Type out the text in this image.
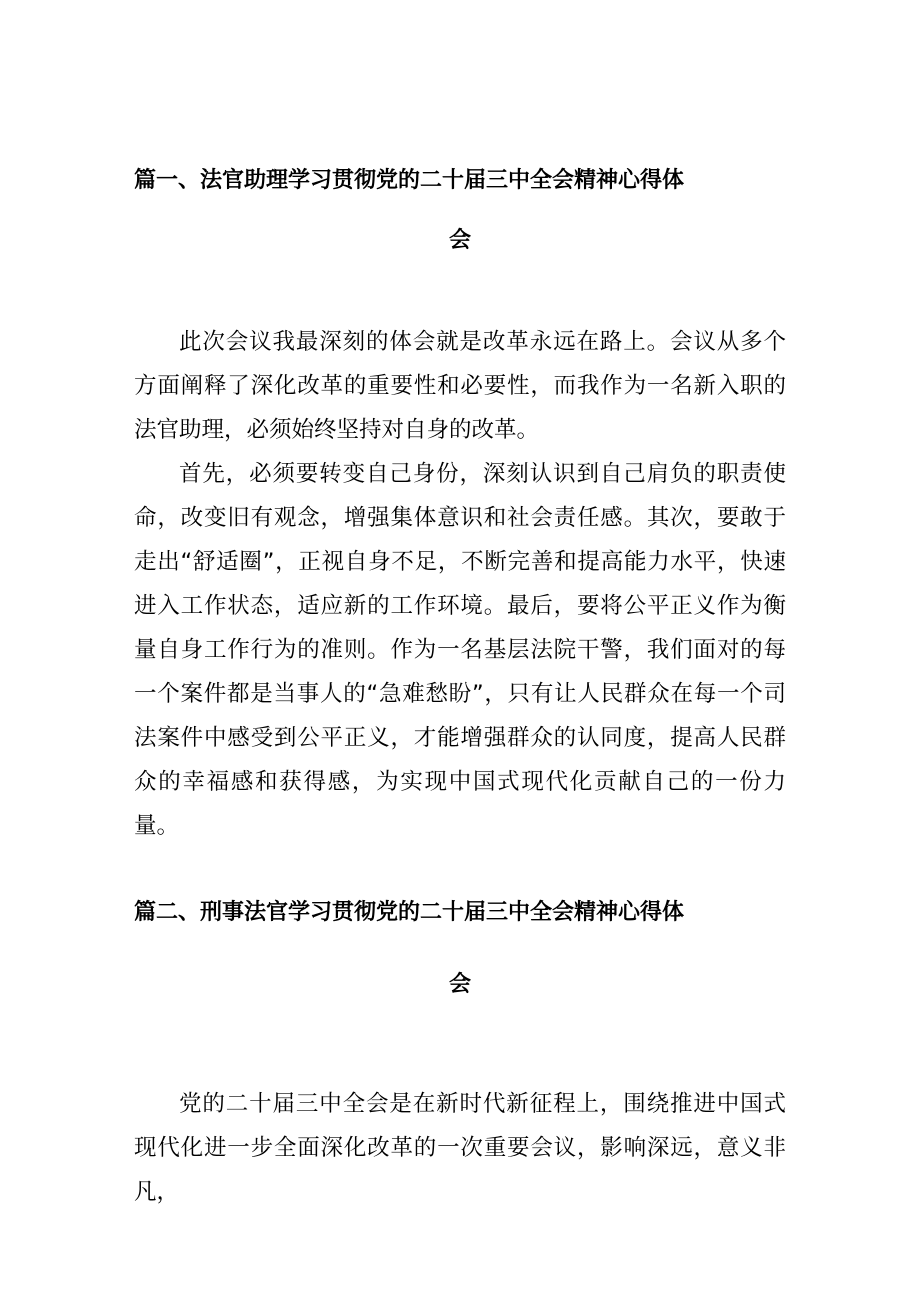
篇一、法官助理学习贯彻党的二十届三中全会精神心得体
会

此次会议我最深刻的体会就是改革永远在路上。会议从多个方面阐释了深化改革的重要性和必要性，而我作为一名新入职的法官助理，必须始终坚持对自身的改革。

首先，必须要转变自己身份，深刻认识到自己肩负的职责使命，改变旧有观念，增强集体意识和社会责任感。其次，要敢于走出“舒适圈”，正视自身不足，不断完善和提高能力水平，快速进入工作状态，适应新的工作环境。最后，要将公平正义作为衡量自身工作行为的准则。作为一名基层法院干警，我们面对的每一个案件都是当事人的“急难愁盼”，只有让人民群众在每一个司法案件中感受到公平正义，才能增强群众的认同度，提高人民群众的幸福感和获得感，为实现中国式现代化贡献自己的一份力量。

篇二、刑事法官学习贯彻党的二十届三中全会精神心得体
会

党的二十届三中全会是在新时代新征程上，围绕推进中国式现代化进一步全面深化改革的一次重要会议，影响深远，意义非凡，
